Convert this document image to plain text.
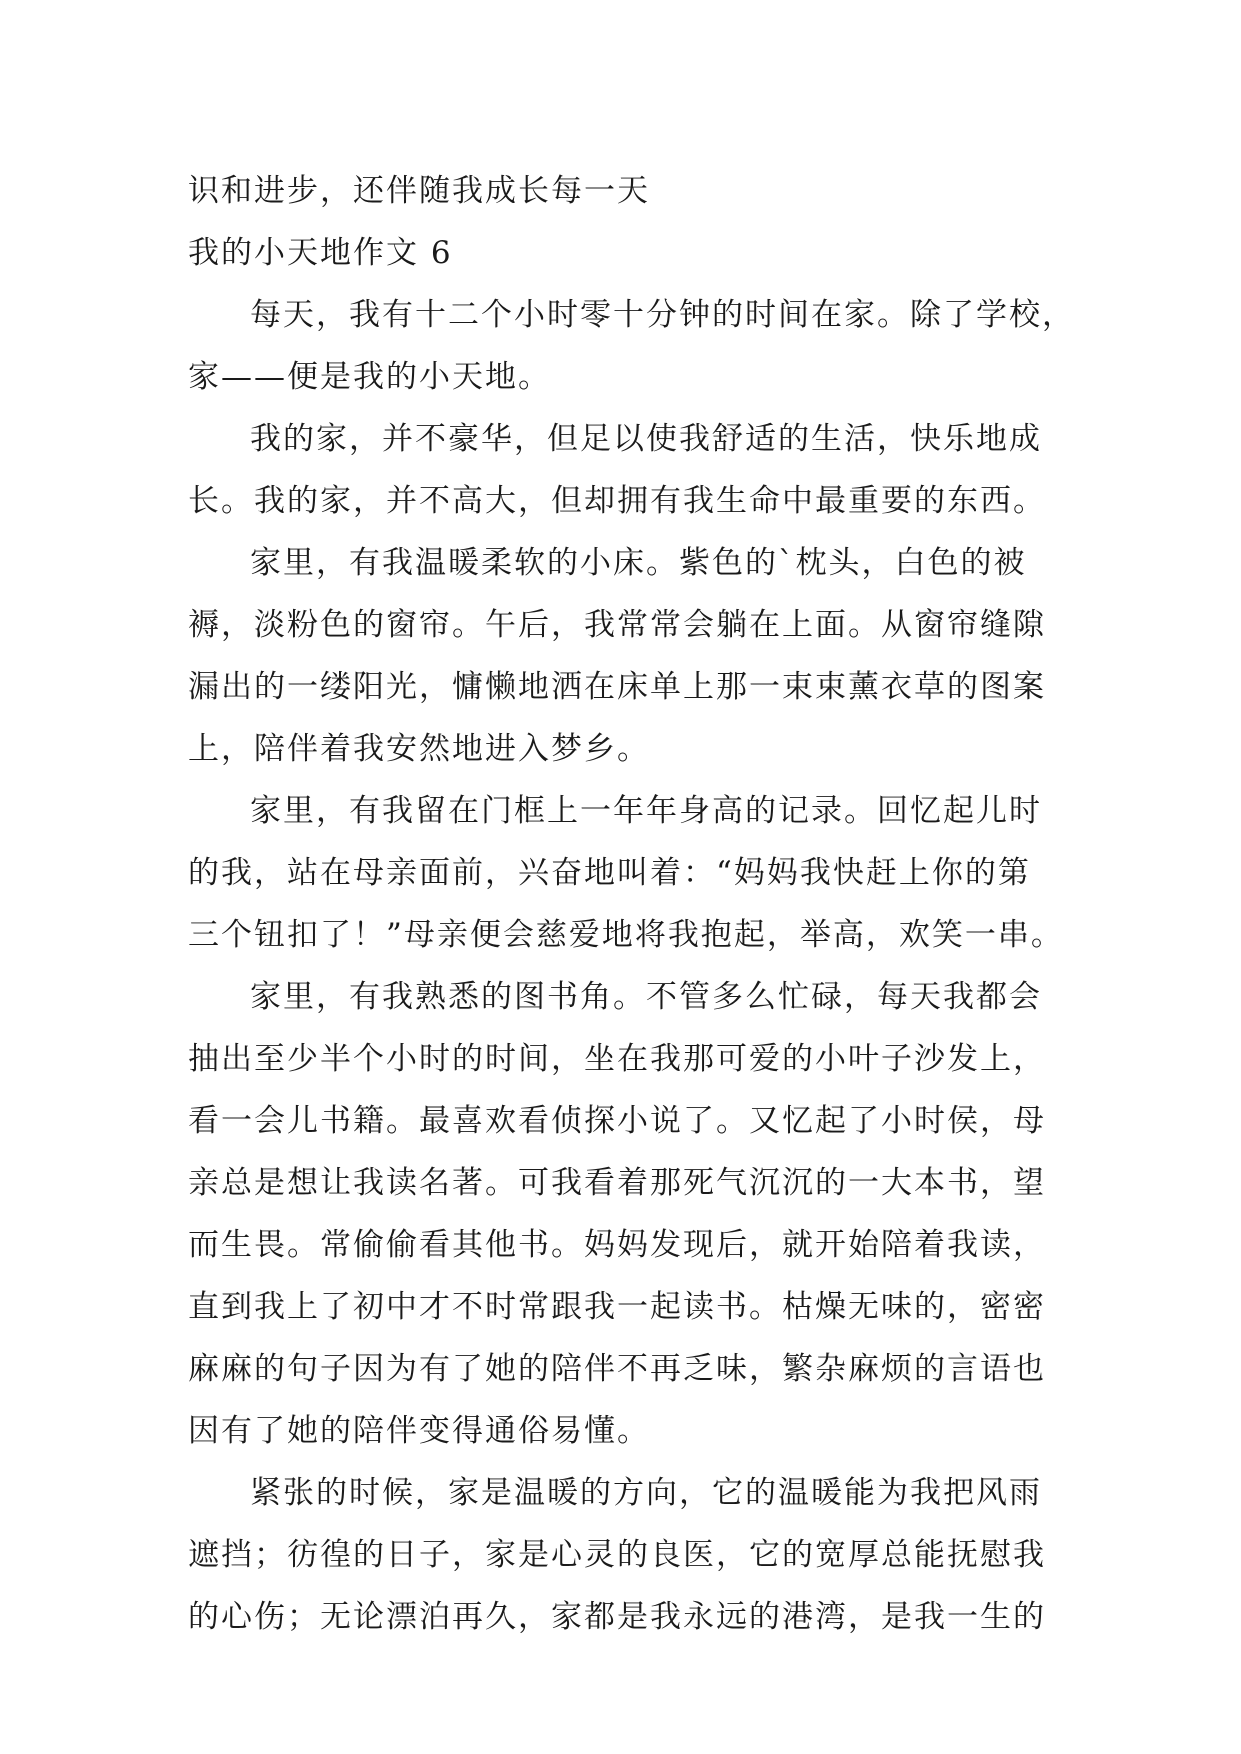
识和进步，还伴随我成长每一天
我的小天地作文 6
每天，我有十二个小时零十分钟的时间在家。除了学校，
家——便是我的小天地。
我的家，并不豪华，但足以使我舒适的生活，快乐地成
长。我的家，并不高大，但却拥有我生命中最重要的东西。
家里，有我温暖柔软的小床。紫色的`枕头，白色的被
褥，淡粉色的窗帘。午后，我常常会躺在上面。从窗帘缝隙
漏出的一缕阳光，慵懒地洒在床单上那一束束薰衣草的图案
上，陪伴着我安然地进入梦乡。
家里，有我留在门框上一年年身高的记录。回忆起儿时
的我，站在母亲面前，兴奋地叫着：“妈妈我快赶上你的第
三个钮扣了！”母亲便会慈爱地将我抱起，举高，欢笑一串。
家里，有我熟悉的图书角。不管多么忙碌，每天我都会
抽出至少半个小时的时间，坐在我那可爱的小叶子沙发上，
看一会儿书籍。最喜欢看侦探小说了。又忆起了小时侯，母
亲总是想让我读名著。可我看着那死气沉沉的一大本书，望
而生畏。常偷偷看其他书。妈妈发现后，就开始陪着我读，
直到我上了初中才不时常跟我一起读书。枯燥无味的，密密
麻麻的句子因为有了她的陪伴不再乏味，繁杂麻烦的言语也
因有了她的陪伴变得通俗易懂。
紧张的时候，家是温暖的方向，它的温暖能为我把风雨
遮挡；彷徨的日子，家是心灵的良医，它的宽厚总能抚慰我
的心伤；无论漂泊再久，家都是我永远的港湾，是我一生的
